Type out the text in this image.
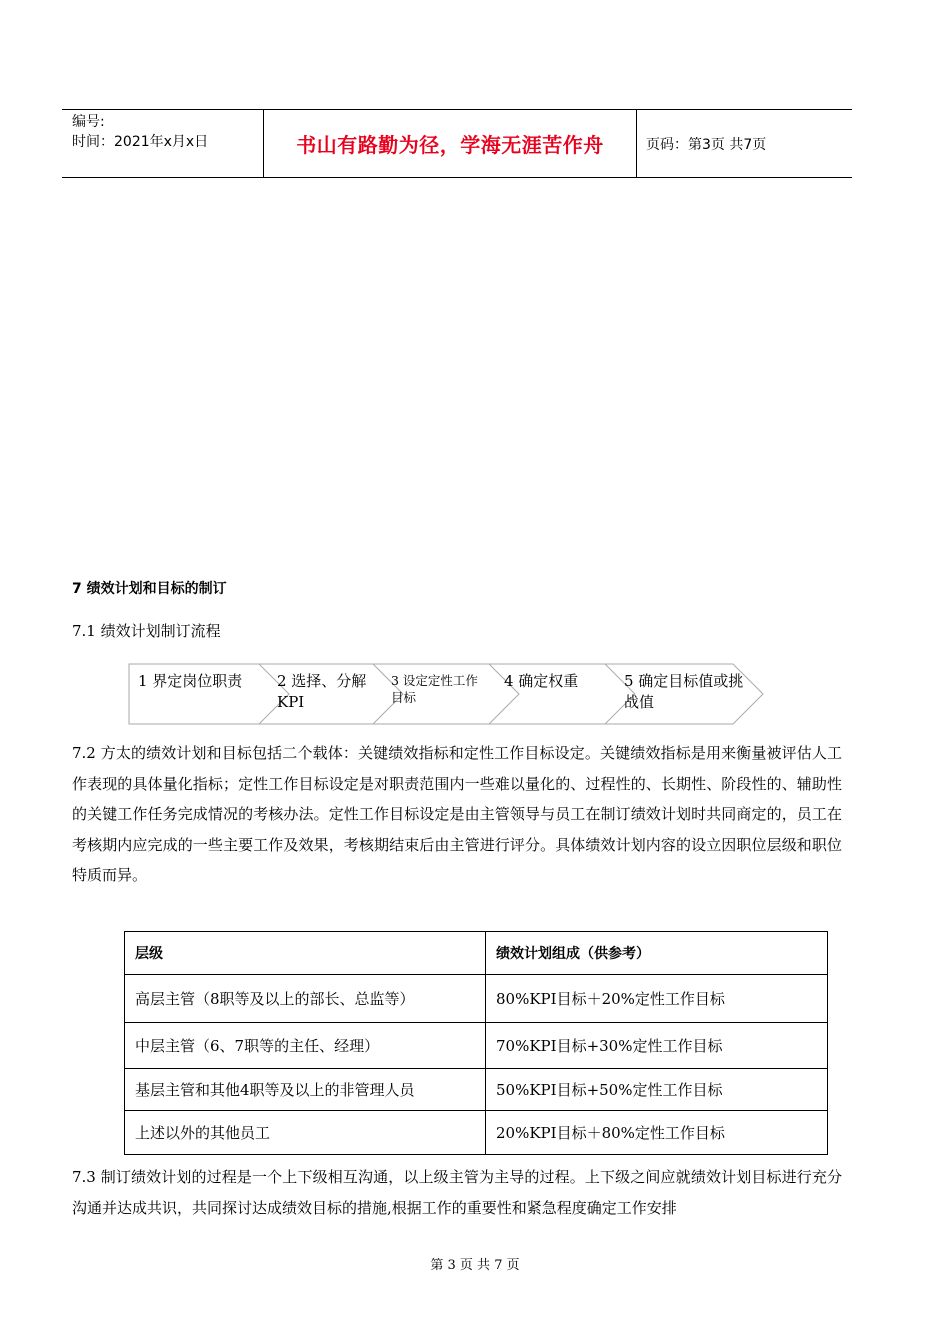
编号:
时间：2021年x月x日	书山有路勤为径，学海无涯苦作舟	页码：第3页 共7页
7 绩效计划和目标的制订
7.1 绩效计划制订流程
1 界定岗位职责 2 选择、分解
KPI
3 设定定性工作
目标
4 确定权重	5 确定目标值或挑
战值
7.2 方太的绩效计划和目标包括二个载体：关键绩效指标和定性工作目标设定。关键绩效指标是用来衡量被评估人工作表现的具体量化指标；定性工作目标设定是对职责范围内一些难以量化的、过程性的、长期性、阶段性的、辅助性的关键工作任务完成情况的考核办法。定性工作目标设定是由主管领导与员工在制订绩效计划时共同商定的，员工在考核期内应完成的一些主要工作及效果，考核期结束后由主管进行评分。具体绩效计划内容的设立因职位层级和职位特质而异。
层级	绩效计划组成（供参考）
高层主管（8职等及以上的部长、总监等）	80%KPI目标＋20%定性工作目标
中层主管（6、7职等的主任、经理）	70%KPI目标+30%定性工作目标
基层主管和其他4职等及以上的非管理人员	50%KPI目标+50%定性工作目标
上述以外的其他员工	20%KPI目标＋80%定性工作目标
7.3 制订绩效计划的过程是一个上下级相互沟通，以上级主管为主导的过程。上下级之间应就绩效计划目标进行充分沟通并达成共识，共同探讨达成绩效目标的措施,根据工作的重要性和紧急程度确定工作安排
第 3 页 共 7 页
